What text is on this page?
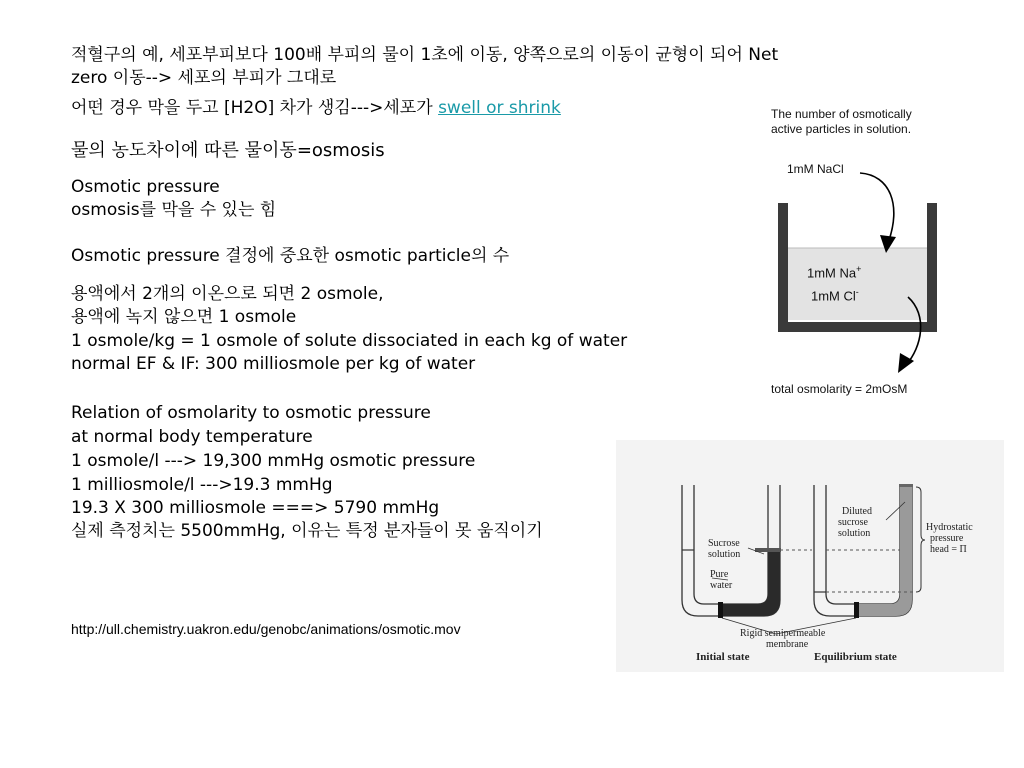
적혈구의 예, 세포부피보다 100배 부피의 물이 1초에 이동, 양쪽으로의 이동이 균형이 되어 Net
zero 이동--> 세포의 부피가 그대로
어떤 경우 막을 두고 [H2O] 차가 생김--->세포가 swell or shrink
물의 농도차이에 따른 물이동=osmosis
Osmotic pressure
osmosis를 막을 수 있는 힘
Osmotic pressure 결정에 중요한 osmotic particle의 수
용액에서 2개의 이온으로 되면 2 osmole,
용액에 녹지 않으면 1 osmole
1 osmole/kg = 1 osmole of solute dissociated in each kg of water
normal EF & IF: 300 milliosmole per kg of water
Relation of osmolarity to osmotic pressure
at normal body temperature
1 osmole/l ---> 19,300 mmHg osmotic pressure
1 milliosmole/l --->19.3 mmHg
19.3 X 300 milliosmole ===> 5790 mmHg
실제 측정치는 5500mmHg, 이유는 특정 분자들이 못 움직이기
http://ull.chemistry.uakron.edu/genobc/animations/osmotic.mov
The number of osmotically
active particles in solution.
1mM NaCl
1mM Na+
1mM Cl-
total osmolarity = 2mOsM
Sucrose
solution
Pure
water
Diluted
sucrose
solution
Hydrostatic
pressure
head = Π
Rigid semipermeable
membrane
Initial state	Equilibrium state
